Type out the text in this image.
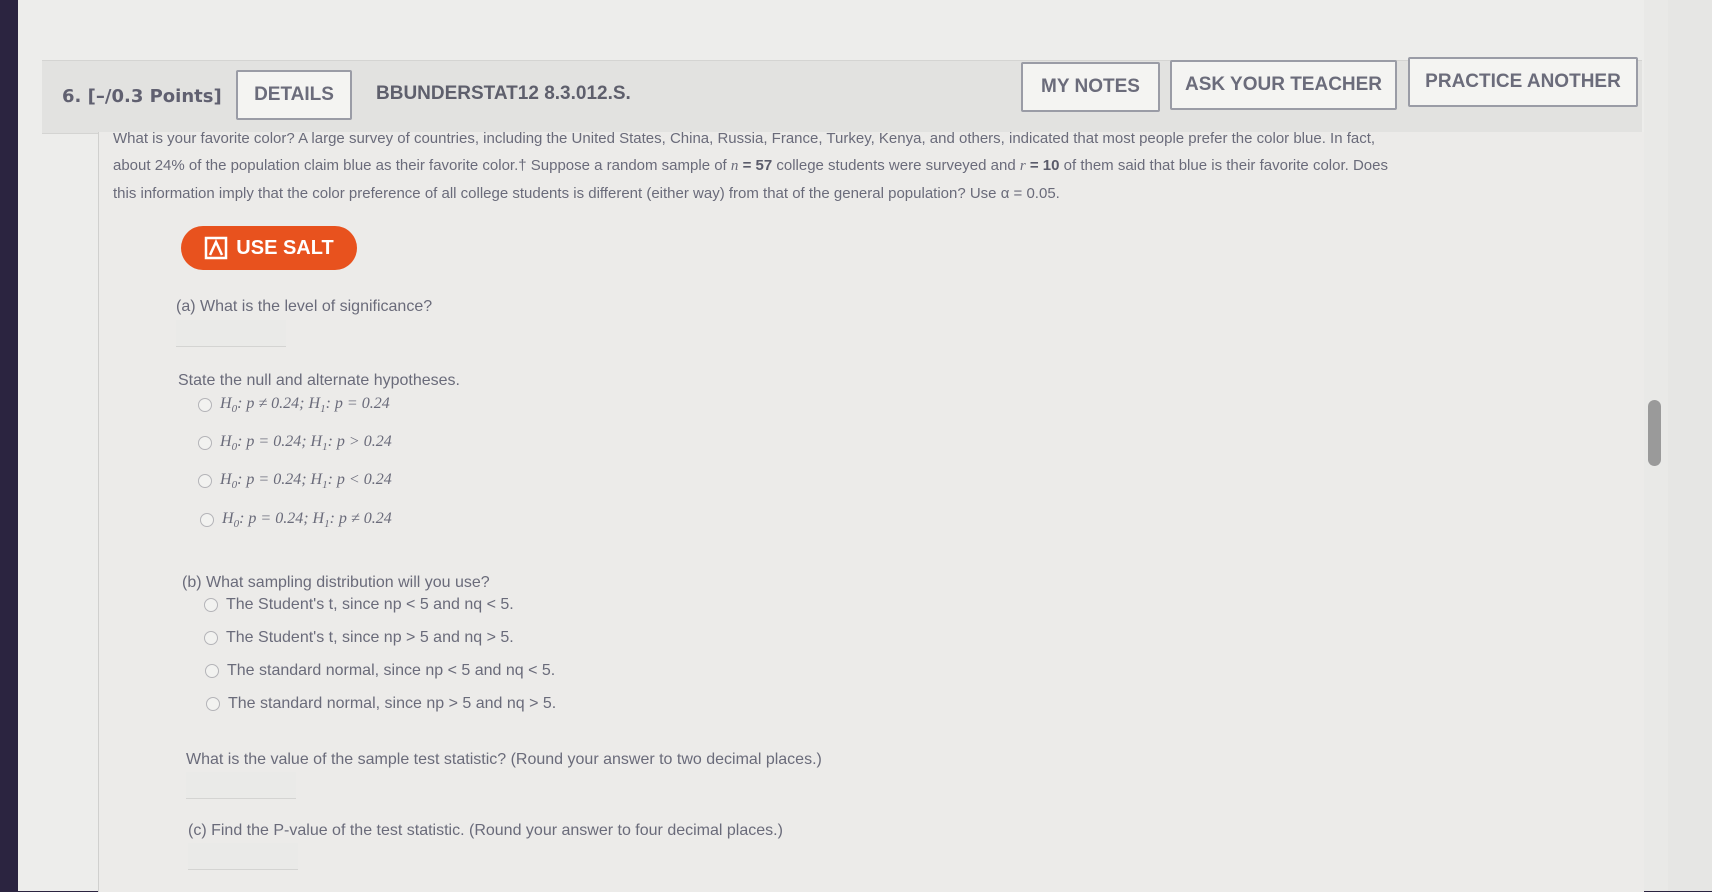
6. [–/0.3 Points]	DETAILS	BBUNDERSTAT12 8.3.012.S.	MY NOTES	ASK YOUR TEACHER	PRACTICE ANOTHER
What is your favorite color? A large survey of countries, including the United States, China, Russia, France, Turkey, Kenya, and others, indicated that most people prefer the color blue. In fact,
about 24% of the population claim blue as their favorite color.† Suppose a random sample of n = 57 college students were surveyed and r = 10 of them said that blue is their favorite color. Does
this information imply that the color preference of all college students is different (either way) from that of the general population? Use α = 0.05.
USE SALT
(a) What is the level of significance?
State the null and alternate hypotheses.
$H_0$: p ≠ 0.24; $H_1$: p = 0.24
$H_0$: p = 0.24; $H_1$: p > 0.24
$H_0$: p = 0.24; $H_1$: p < 0.24
$H_0$: p = 0.24; $H_1$: p ≠ 0.24
(b) What sampling distribution will you use?
The Student's t, since np < 5 and nq < 5.
The Student's t, since np > 5 and nq > 5.
The standard normal, since np < 5 and nq < 5.
The standard normal, since np > 5 and nq > 5.
What is the value of the sample test statistic? (Round your answer to two decimal places.)
(c) Find the P-value of the test statistic. (Round your answer to four decimal places.)
